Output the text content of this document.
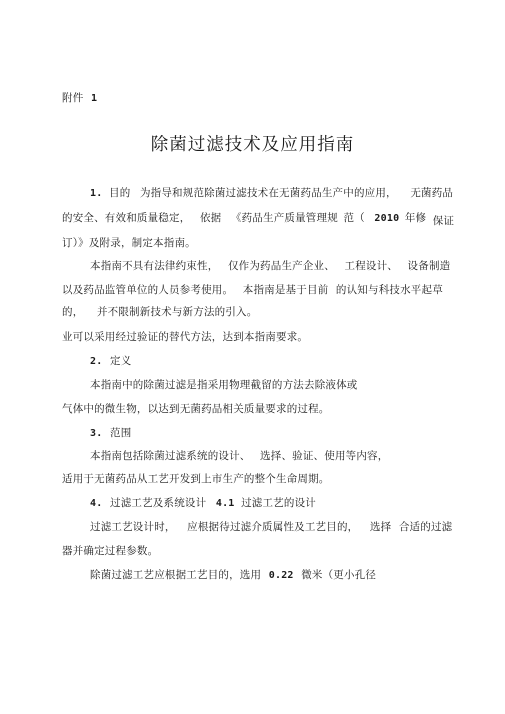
附件 1
除菌过滤技术及应用指南
1. 目的 为指导和规范除菌过滤技术在无菌药品生产中的应用， 无菌药品
的安全、有效和质量稳定， 依据 《药品生产质量管理规 范（ 2010 年修 保证
订）》及附录，制定本指南。
本指南不具有法律约束性， 仅作为药品生产企业、 工程设计、 设备制造
以及药品监管单位的人员参考使用。 本指南是基于目前 的认知与科技水平起草
的， 并不限制新技术与新方法的引入。
业可以采用经过验证的替代方法，达到本指南要求。
2. 定义
本指南中的除菌过滤是指采用物理截留的方法去除液体或
气体中的微生物，以达到无菌药品相关质量要求的过程。
3. 范围
本指南包括除菌过滤系统的设计、 选择、验证、使用等内容，
适用于无菌药品从工艺开发到上市生产的整个生命周期。
4. 过滤工艺及系统设计 4.1 过滤工艺的设计
过滤工艺设计时， 应根据待过滤介质属性及工艺目的， 选择 合适的过滤
器并确定过程参数。
除菌过滤工艺应根据工艺目的，选用 0.22 微米（更小孔径
